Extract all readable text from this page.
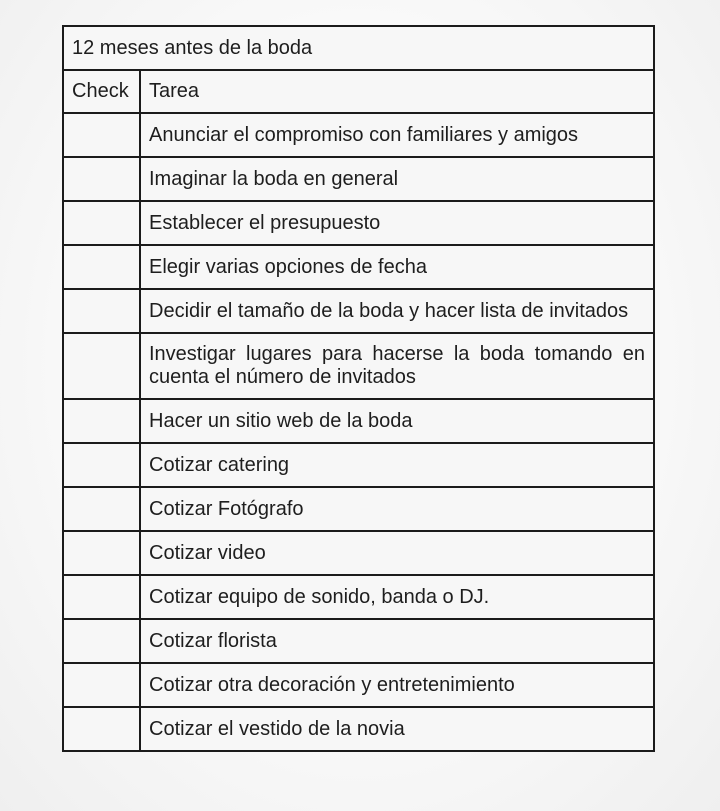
12 meses antes de la boda	
Check	Tarea
	Anunciar el compromiso con familiares y amigos
	Imaginar la boda en general
	Establecer el presupuesto
	Elegir varias opciones de fecha
	Decidir el tamaño de la boda y hacer lista de invitados
	Investigar lugares para hacerse la boda tomando en cuenta el número de invitados
	Hacer un sitio web de la boda
	Cotizar catering
	Cotizar Fotógrafo
	Cotizar video
	Cotizar equipo de sonido, banda o DJ.
	Cotizar florista
	Cotizar otra decoración y entretenimiento
	Cotizar el vestido de la novia
